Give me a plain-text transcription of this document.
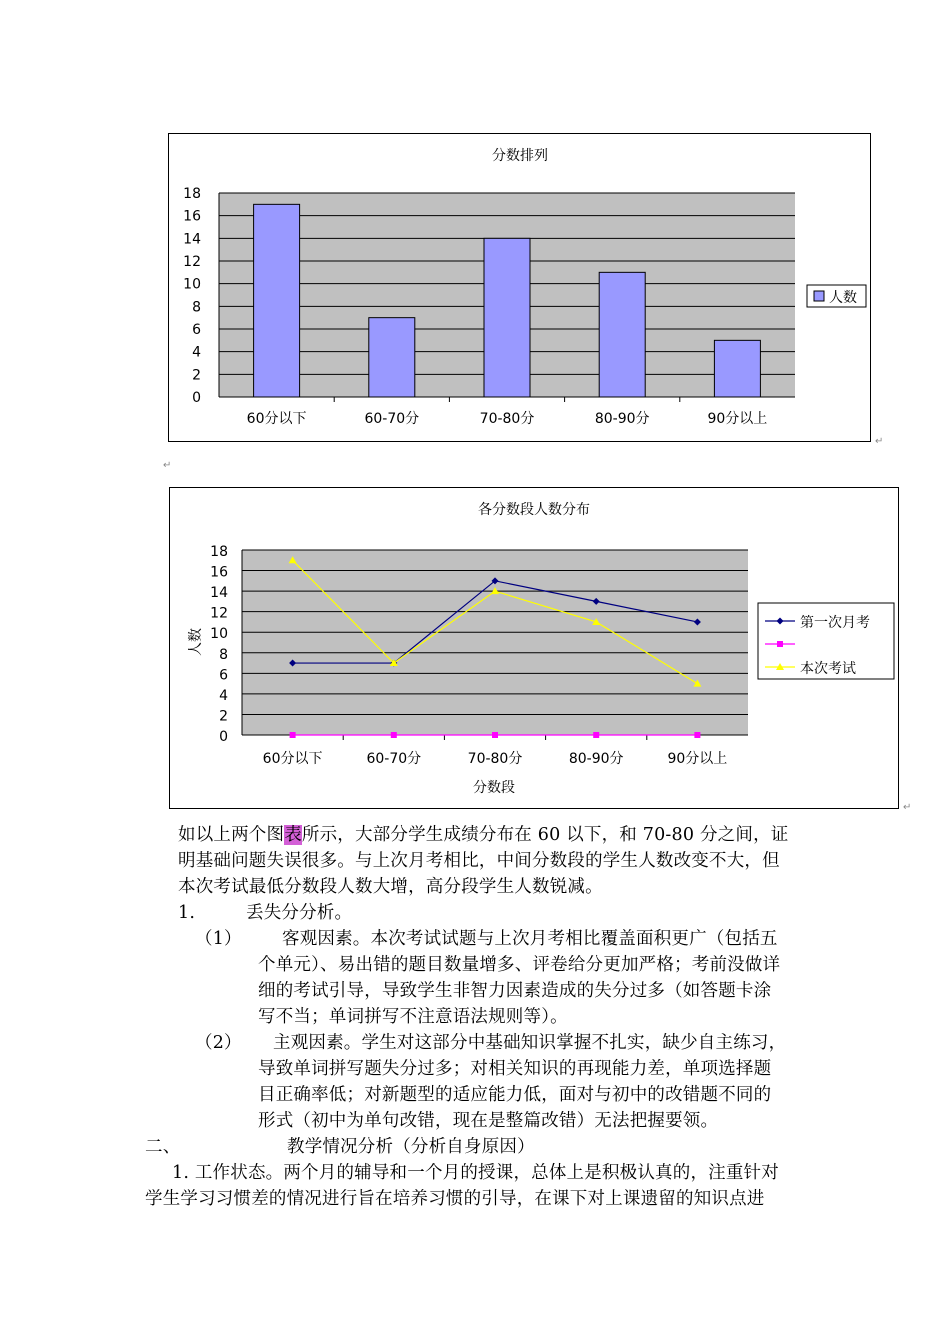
分数排列
0
2
4
6
8
10
12
14
16
18
60分以下	60-70分	70-80分	80-90分	90分以上
人数
↵
↵
各分数段人数分布
0
2
4
6
8
10
12
14
16
18
60分以下	60-70分	70-80分	80-90分	90分以上
分数段
人数
第一次月考
本次考试
↵
如以上两个图表所示，大部分学生成绩分布在 60 以下，和 70-80 分之间，证
明基础问题失误很多。与上次月考相比，中间分数段的学生人数改变不大，但
本次考试最低分数段人数大增，高分段学生人数锐减。
1.	丢失分分析。
（1） 客观因素。本次考试试题与上次月考相比覆盖面积更广（包括五
个单元）、易出错的题目数量增多、评卷给分更加严格；考前没做详
细的考试引导，导致学生非智力因素造成的失分过多（如答题卡涂
写不当；单词拼写不注意语法规则等）。
（2） 主观因素。学生对这部分中基础知识掌握不扎实，缺少自主练习，
导致单词拼写题失分过多；对相关知识的再现能力差，单项选择题
目正确率低；对新题型的适应能力低，面对与初中的改错题不同的
形式（初中为单句改错，现在是整篇改错）无法把握要领。
二、	教学情况分析（分析自身原因）
1. 工作状态。两个月的辅导和一个月的授课，总体上是积极认真的，注重针对
学生学习习惯差的情况进行旨在培养习惯的引导，在课下对上课遗留的知识点进
